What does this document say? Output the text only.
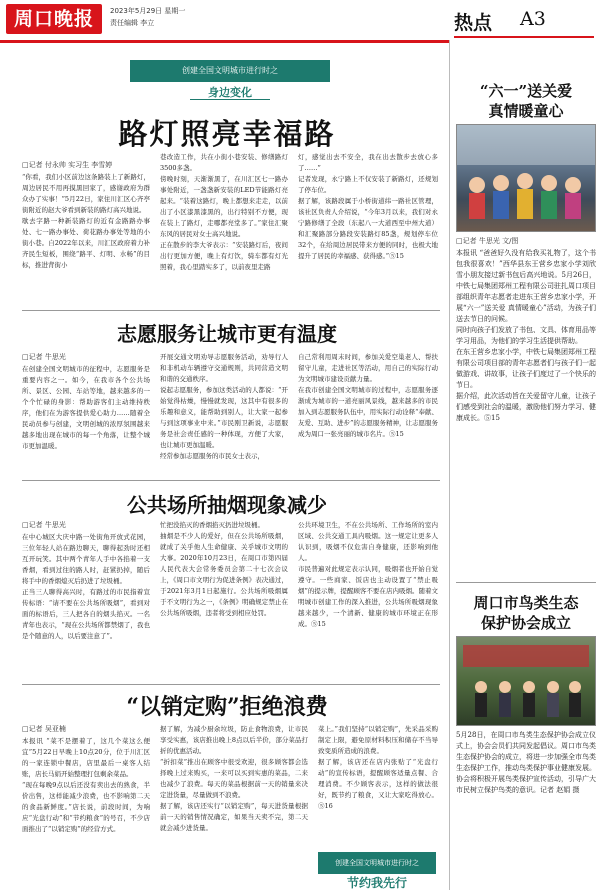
周口晚报	2023年5月29日 星期一
责任编辑 李立	热点 A3
创建全国文明城市进行时之
身边变化
路灯照亮幸福路
□记者 付永帅 实习生 李雪婷
“你看，我们小区前边这条路装上了新路灯，周边居民不用再摸黑回家了，感谢政府为群众办了实事！”5月22日，家住川汇区心齐亭街附近的赵大爷看到新装的路灯高兴地说。
歇去字路一种新装路灯的近有金路路办事处、七一路办事处、荷花路办事处等地的小街小巷。自2022年以来，川汇区政府着力补齐民生短板，围绕“路平、灯明、水畅”的目标，推进背街小
巷改造工作，共在小街小巷安装、修缮路灯3500多盏。
傍晚时刻，天渐渐黑了，在川汇区七一路办事处附近，一盏盏新安装的LED节能路灯亮起来。“装着这路灯，晚上都想来走走，以前出了小区漆黑漆黑的，出行特别不方便，现在装上了路灯，走哪都亮堂多了。”家住汇聚东风的居民对女士高兴地说。
正在散步的李大爷表示：“安装路灯后，夜间出行更加方便，晚上有灯饮，骑车都有灯光照着，我心里踏实多了，以前夜里走路
灯，感觉出去不安全，我在出去散步去放心多了……”
记者发现，永宁路上不仅安装了新路灯，还规划了停车位。
据了解，该路段属于小桥街道纬一路社区管理，该社区负责人介绍说，“今年3月以来，我们对永宁路修缮了全段（东起八一大道西至中州大道）和汇聚路部分路段安装路灯85盏，规划停车位32个，在给周边居民带来方便的同时，也极大地提升了居民的幸福感、获得感。”⑤15
志愿服务让城市更有温度
□记者 牛思光
在创建全国文明城市的征程中，志愿服务是重要内容之一。如今，在我市各个公共场所、景区、公园、车站等地，越来越多的一个个忙碌的身影：帮助游客们主动维持秩序，他们在为游客提供爱心助力……随着全民动员参与创建，文明创城的浓厚氛围越来越多地出现在城市的每一个角落，让整个城市更加温暖。
开展交通文明劝导志愿服务活动，劝导行人和非机动车辆遵守交通规则，共同营造文明和谐的交通秩序。
说起志愿服务，参加这类活动的人都说：“开始觉得枯燥，慢慢就发现，这其中有很多的乐趣和意义，能帮助到别人，让大家一起参与到这项事业中来。”市民刚卫新说，志愿服务是社会责任感的一种体现，方便了大家，也让城市更加温暖。
经常参加志愿服务的市民女士表示，
自己常利用周末时间，参加关爱空巢老人、帮扶留守儿童，走进社区等活动，用自己的实际行动为文明城市建设贡献力量。
在我市创建全国文明城市的过程中，志愿服务逐渐成为城市的一道亮丽风景线，越来越多的市民加入到志愿服务队伍中，用实际行动诠释“奉献、友爱、互助、进步”的志愿服务精神，让志愿服务成为周口一张亮丽的城市名片。⑤15
公共场所抽烟现象减少
□记者 牛思光
在中心城区大庆中路一处街角开放式花园，三位年轻人站在路边聊天，聊得起劲时还相互开玩笑。其中两个青年人手中各掐着一支香烟，看到过往的路人时，赶紧扔掉，随后将手中的香烟熄灭后扔进了垃圾桶。
正当三人聊得高兴时，有路过的市民指着宣传标语：“请不要在公共场所吸烟”，看到对面的标语后，三人把各自的烟头掐灭。一名青年也表示，“现在公共场所都禁烟了，我也是个随意的人，以后要注意了”。
忙把没掐灭的香烟掐灭扔进垃圾桶。
抽烟是不少人的爱好，但在公共场所吸烟，就成了关乎他人生命健康、关乎城市文明的大事。2020年10月23日，在周口市第四届人民代表大会常务委员会第二十七次会议上，《周口市文明行为促进条例》表决通过，于2021年3月1日起施行。公共场所吸烟属于不文明行为之一，《条例》明确规定禁止在公共场所吸烟，违者将受到相应处罚。
公共环境卫生，不在公共场所、工作场所的室内区域、公共交通工具内吸烟。这一规定让更多人认识到，吸烟不仅危害自身健康，还影响到他人。
市民普遍对此规定表示认同，吸烟者也开始自觉遵守。一些商家、饭店也主动设置了“禁止吸烟”的提示牌，提醒顾客不要在店内吸烟。随着文明城市创建工作的深入推进，公共场所吸烟现象越来越少，一个清新、健康的城市环境正在形成。⑤15
“以销定购”拒绝浪费
□记者 吴亚楠
本报讯 “菜不是摆着了，这几个菜这么便宜”5月22日早晚上10点20分，位于川汇区的一家连锁中餐店，店里最后一桌客人结账，店长马娟开始整理打包剩余菜品。
“现在每晚9点以后还没有卖出去的熟食，半价出售，这样能减少浪费，也不影响第二天的食品新鲜度。”店长说，前段时间，为响应“光盘行动”和“节约粮食”的号召，不少店面推出了“以销定购”的经营方式。
据了解，为减少厨余垃圾，防止食物浪费，让市民享受实惠，该店推出晚上8点以后半价，部分菜品打折的优惠活动。
“折扣菜”推出在顾客中很受欢迎，很多顾客都会选择晚上过来购买，一来可以买到实惠的菜品，二来也减少了浪费。每天的菜品根据前一天的销量来决定进货量，尽量做到不浪费。
据了解，该店还实行“以销定购”，每天进货量根据前一天的销售情况确定，如果当天卖不完，第二天就会减少进货量。
菜上。”我们坚持“以销定购”，先采品采购制定上限，避免原材料积压和储存不当导致变质所造成的浪费。
据了解，该店还在店内张贴了“光盘行动”的宣传标语，提醒顾客适量点餐、合理消费。不少顾客表示，这样的做法很好，既节约了粮食，又让大家吃得放心。⑤16
创建全国文明城市进行时之
节约我先行
“六一”送关爱
真情暖童心
□记者 牛思光 文/图
本报讯 “爸爸好久没有给我买礼物了，这个书包我很喜欢！”西华县东王营乡忠家小学刘欣雪小朋友接过新书包后高兴地说。5月26日，中铁七局集团郑州工程有限公司驻扎周口项目部组织青年志愿者走进东王营乡忠家小学，开展“六一”送关爱 真情暖童心”活动，为孩子们送去节日的问候。
同时向孩子们发放了书包、文具、体育用品等学习用品，为他们的学习生活提供帮助。
在东王营乡忠家小学，中铁七局集团郑州工程有限公司项目部的青年志愿者们与孩子们一起做游戏、讲故事，让孩子们度过了一个快乐的节日。
据介绍，此次活动旨在关爱留守儿童，让孩子们感受到社会的温暖，激励他们努力学习、健康成长。⑤15
周口市鸟类生态
保护协会成立
5月28日，在周口市鸟类生态保护协会成立仪式上，协会会员们共同发起倡议。周口市鸟类生态保护协会的成立，将进一步加强全市鸟类生态保护工作，推动鸟类保护事业健康发展。协会将积极开展鸟类保护宣传活动，引导广大市民树立保护鸟类的意识。记者 赵娟 摄
